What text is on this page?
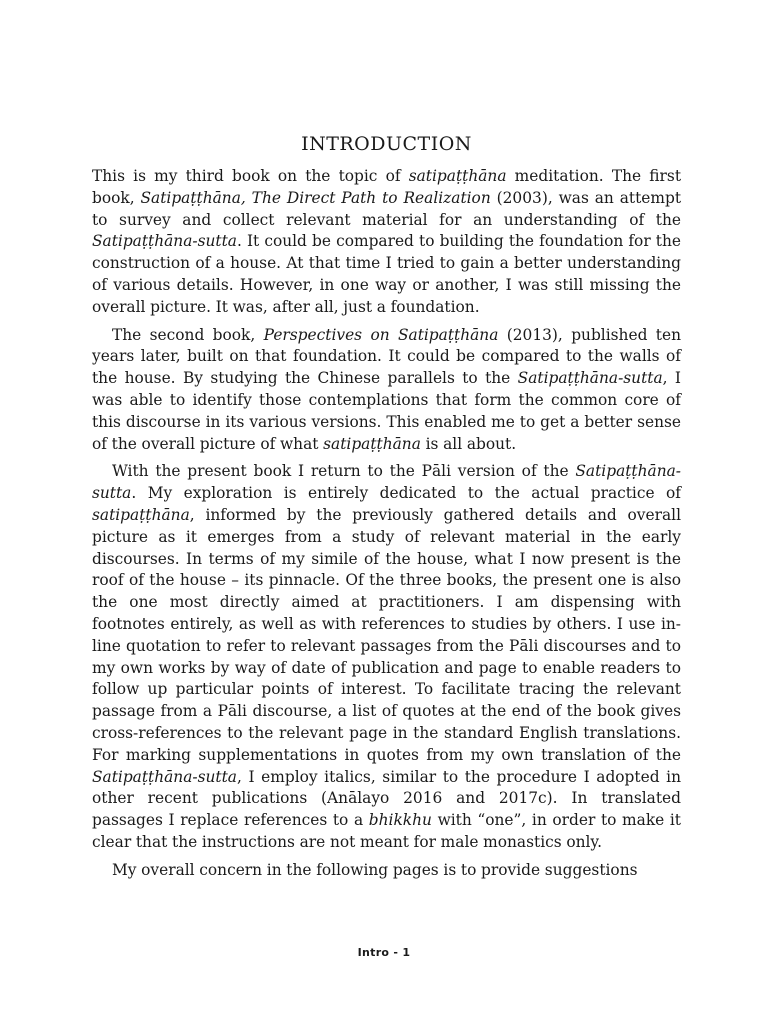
INTRODUCTION

This is my third book on the topic of satipaṭṭhāna meditation. The first book, Satipaṭṭhāna, The Direct Path to Realization (2003), was an attempt to survey and collect relevant material for an understanding of the Satipaṭṭhāna-sutta. It could be compared to building the foundation for the construction of a house. At that time I tried to gain a better understanding of various details. However, in one way or another, I was still missing the overall picture. It was, after all, just a foundation.

The second book, Perspectives on Satipaṭṭhāna (2013), published ten years later, built on that foundation. It could be compared to the walls of the house. By studying the Chinese parallels to the Satipaṭṭhāna-sutta, I was able to identify those contemplations that form the common core of this discourse in its various versions. This enabled me to get a better sense of the overall picture of what satipaṭṭhāna is all about.

With the present book I return to the Pāli version of the Satipaṭṭhāna-sutta. My exploration is entirely dedicated to the actual practice of satipaṭṭhāna, informed by the previously gathered details and overall picture as it emerges from a study of relevant material in the early discourses. In terms of my simile of the house, what I now present is the roof of the house – its pinnacle. Of the three books, the present one is also the one most directly aimed at practitioners. I am dispensing with footnotes entirely, as well as with references to studies by others. I use in-line quotation to refer to relevant passages from the Pāli discourses and to my own works by way of date of publication and page to enable readers to follow up particular points of interest. To facilitate tracing the relevant passage from a Pāli discourse, a list of quotes at the end of the book gives cross-references to the relevant page in the standard English translations. For marking supplementations in quotes from my own translation of the Satipaṭṭhāna-sutta, I employ italics, similar to the procedure I adopted in other recent publications (Anālayo 2016 and 2017c). In translated passages I replace references to a bhikkhu with “one”, in order to make it clear that the instructions are not meant for male monastics only.

My overall concern in the following pages is to provide suggestions

Intro - 1
